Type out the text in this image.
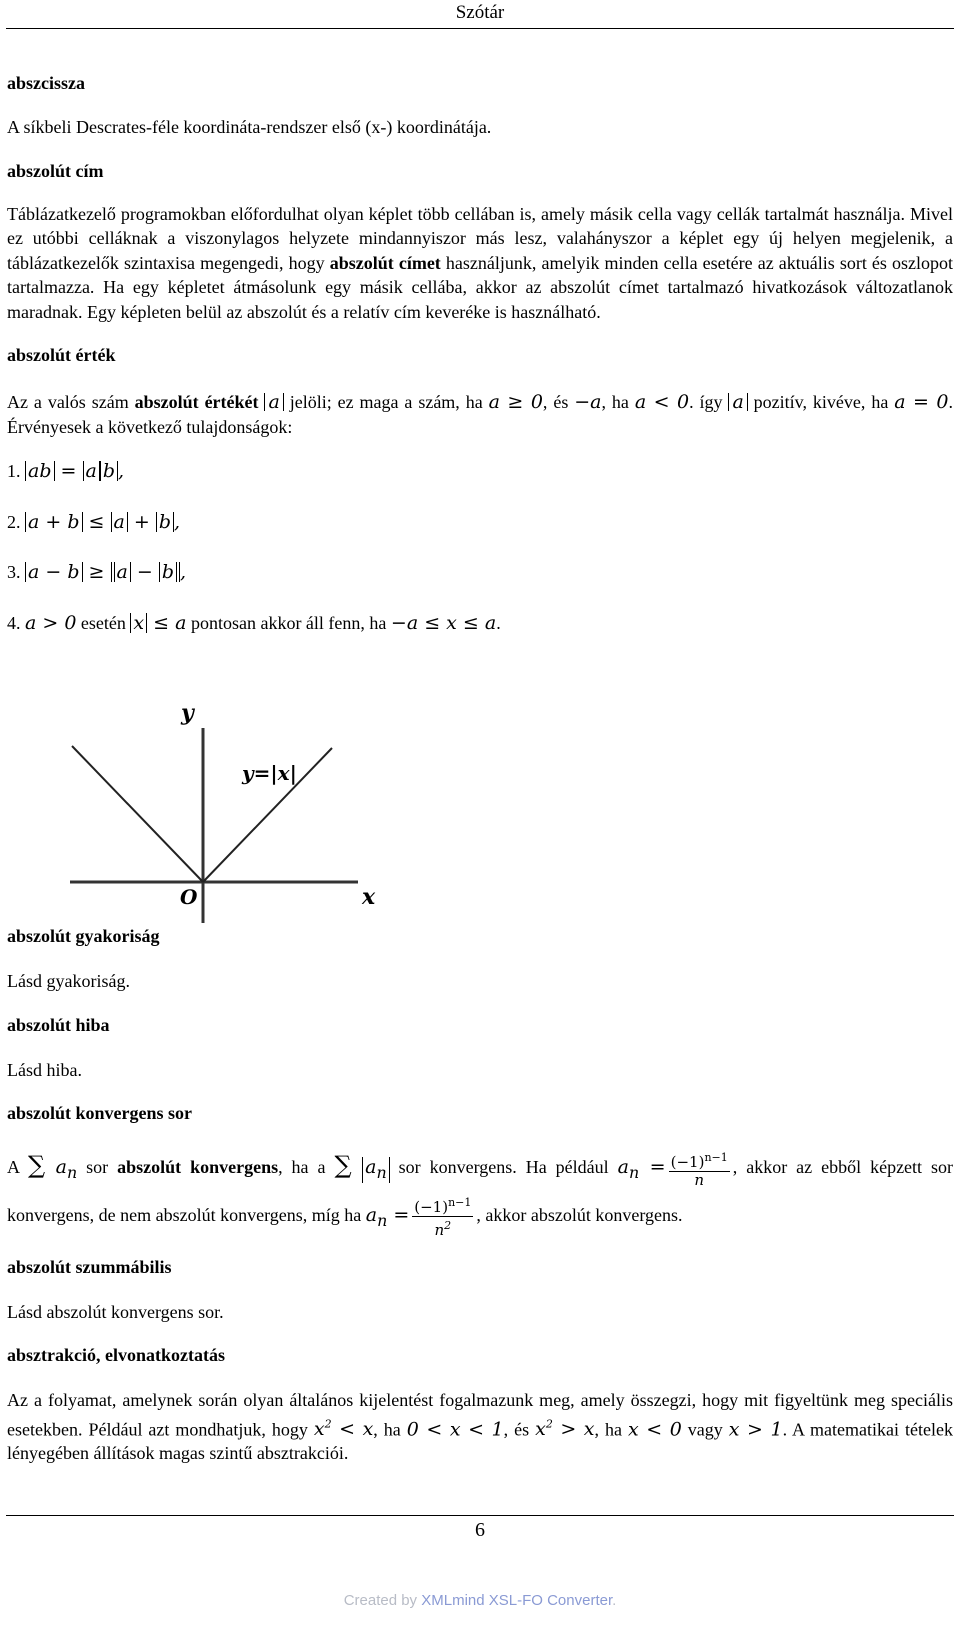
Szótár

abszcissza

A síkbeli Descrates-féle koordináta-rendszer első (x-) koordinátája.

abszolút cím

Táblázatkezelő programokban előfordulhat olyan képlet több cellában is, amely másik cella vagy cellák tartalmát használja. Mivel ez utóbbi celláknak a viszonylagos helyzete mindannyiszor más lesz, valahányszor a képlet egy új helyen megjelenik, a táblázatkezelők szintaxisa megengedi, hogy abszolút címet használjunk, amelyik minden cella esetére az aktuális sort és oszlopot tartalmazza. Ha egy képletet átmásolunk egy másik cellába, akkor az abszolút címet tartalmazó hivatkozások változatlanok maradnak. Egy képleten belül az abszolút és a relatív cím keveréke is használható.

abszolút érték

Az a valós szám abszolút értékét a jelöli; ez maga a szám, ha a ≥ 0, és −a, ha a < 0. így a pozitív, kivéve, ha a = 0. Érvényesek a következő tulajdonságok:

1. ab = a b ,

2. a + b ≤ a + b ,

3. a − b ≥ a − b ,

4. a > 0 esetén x ≤ a pontosan akkor áll fenn, ha −a ≤ x ≤ a.

abszolút gyakoriság

Lásd gyakoriság.

abszolút hiba

Lásd hiba.

abszolút konvergens sor

A ∑ $a_n$ sor abszolút konvergens, ha a ∑ $a_n$ sor konvergens. Ha például $a_n = \frac{(-1)^{n-1}}{n}$ , akkor az ebből képzett sor konvergens, de nem abszolút konvergens, míg ha $a_n = \frac{(-1)^{n-1}}{n^2}$ , akkor abszolút konvergens.

abszolút szummábilis

Lásd abszolút konvergens sor.

absztrakció, elvonatkoztatás

Az a folyamat, amelynek során olyan általános kijelentést fogalmazunk meg, amely összegzi, hogy mit figyeltünk meg speciális esetekben. Például azt mondhatjuk, hogy $x^2 < x$, ha 0 < x < 1, és $x^2 > x$, ha x < 0 vagy x > 1. A matematikai tételek lényegében állítások magas szintű absztrakciói.

y
x
O
y=|x|
6
Created by XMLmind XSL-FO Converter.
